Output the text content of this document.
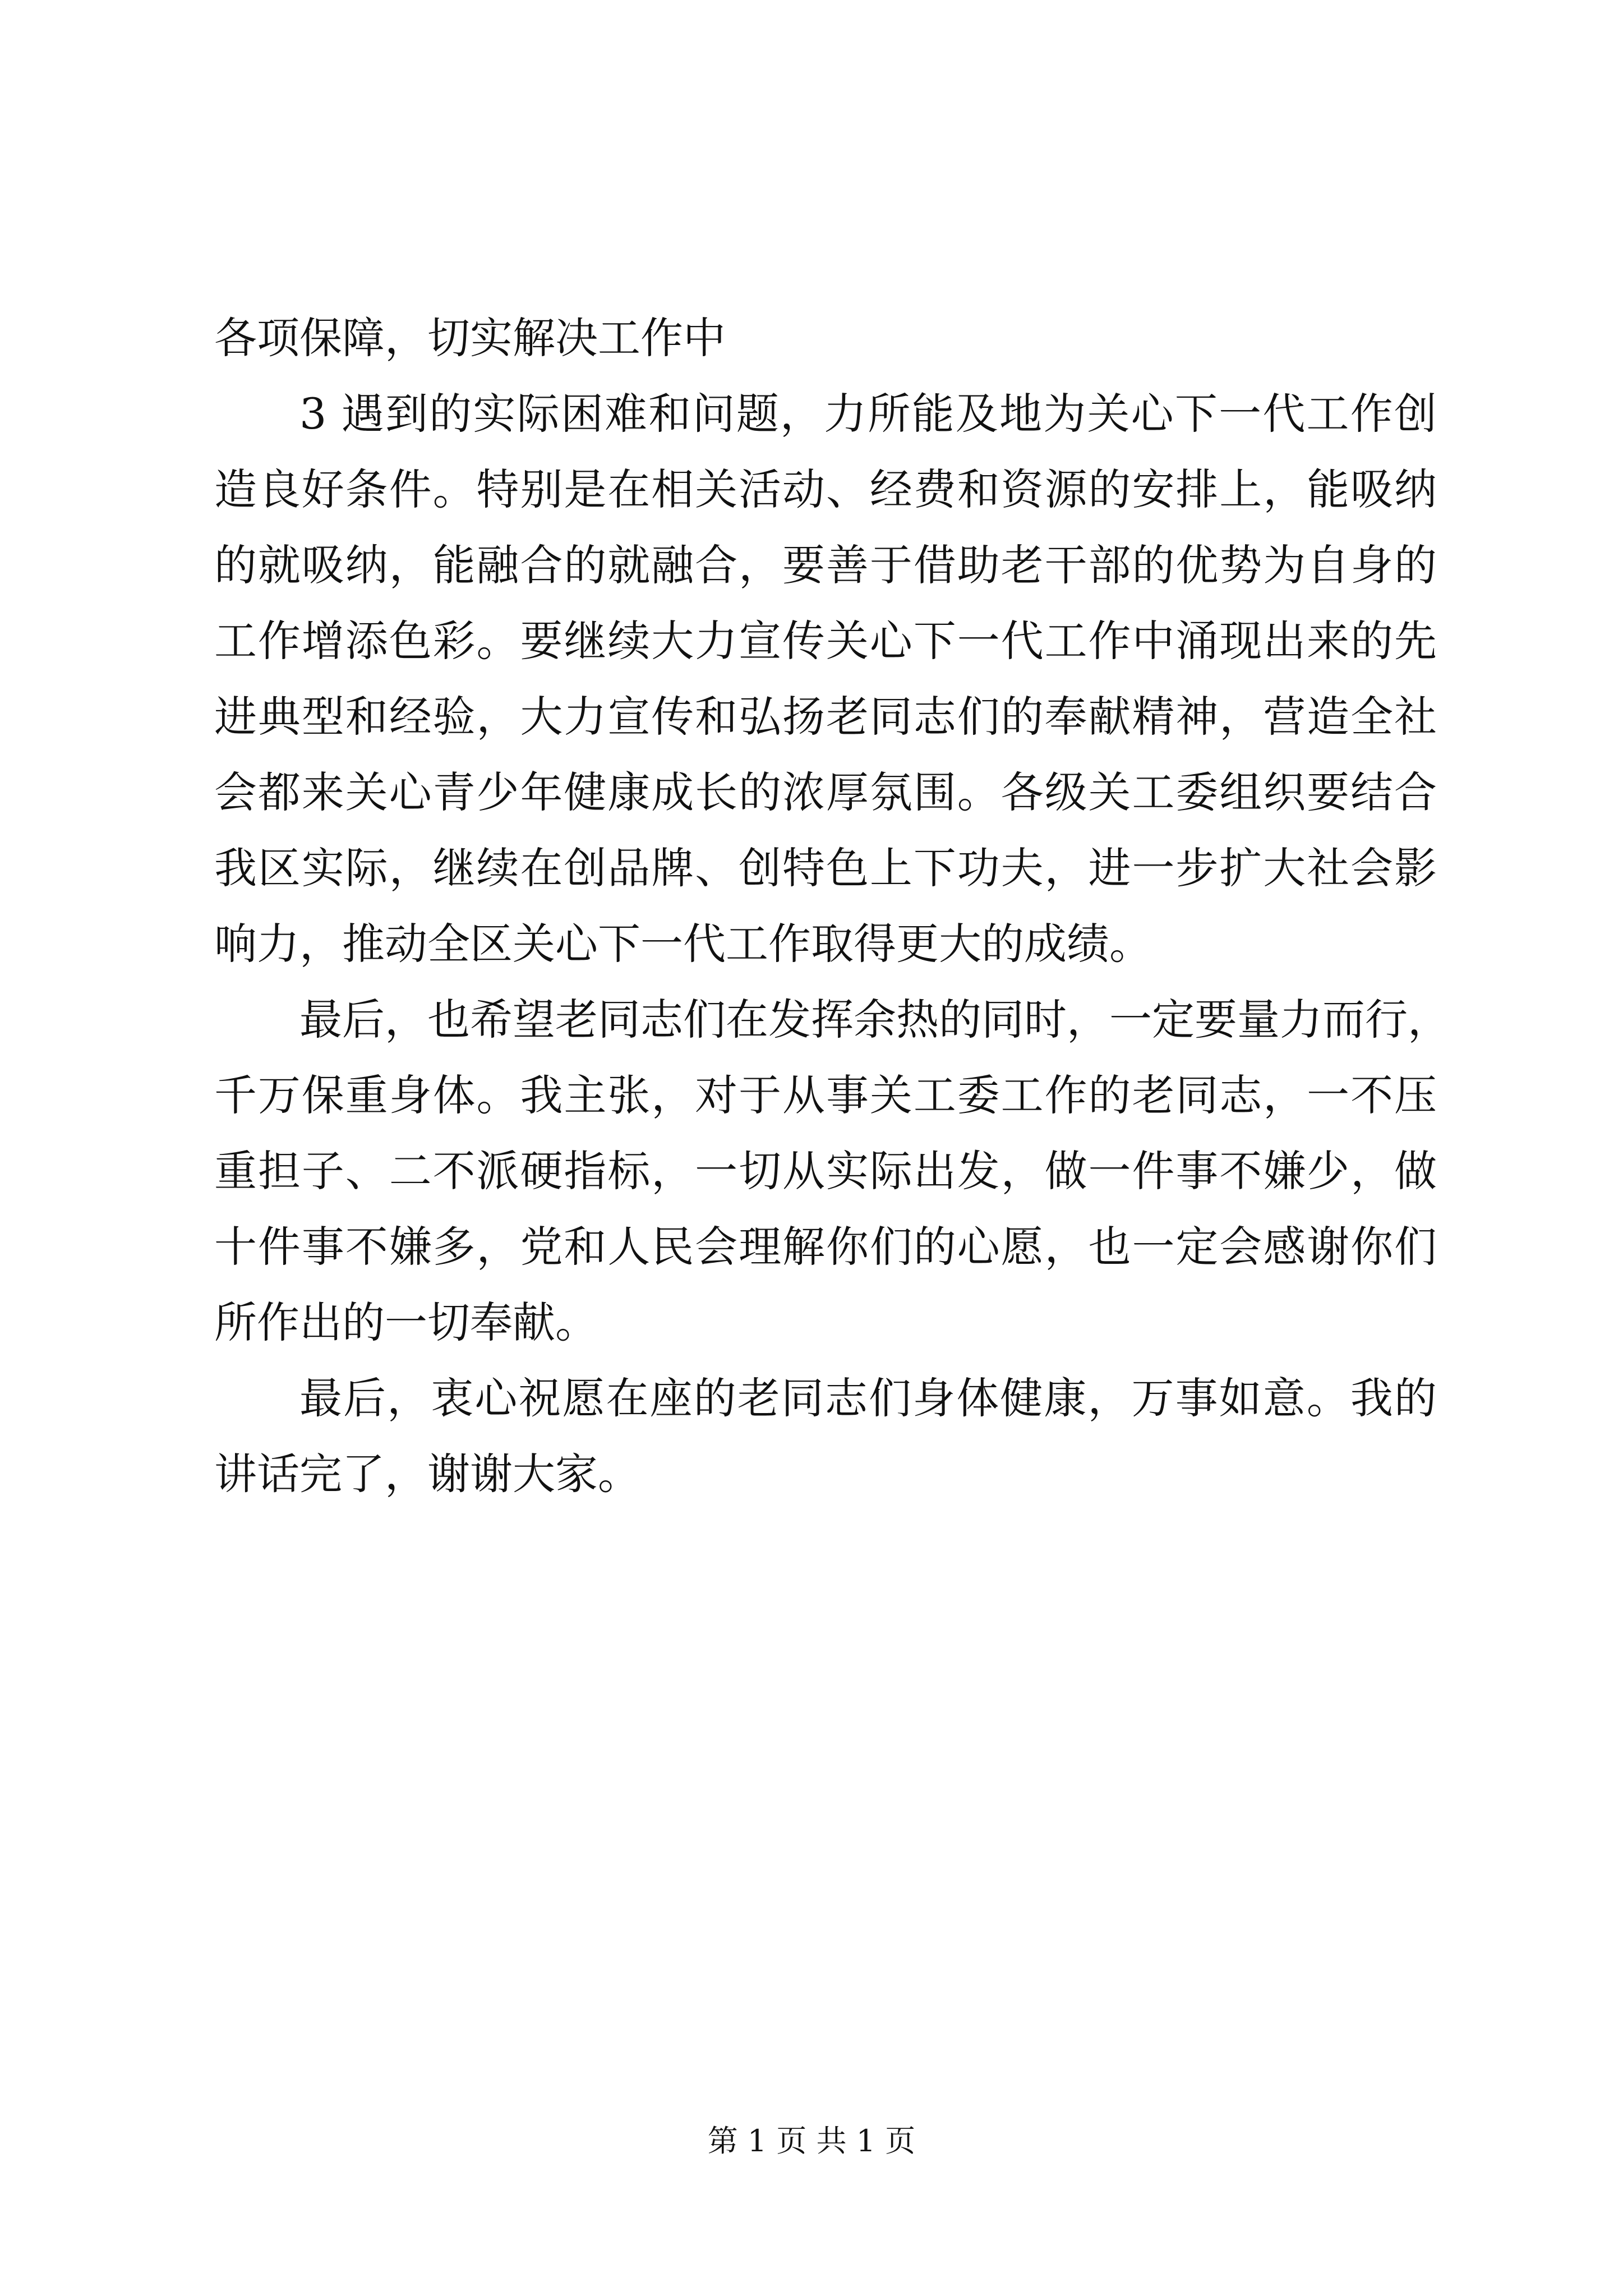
各项保障，切实解决工作中
3 遇到的实际困难和问题，力所能及地为关心下一代工作创
造良好条件。特别是在相关活动、经费和资源的安排上，能吸纳
的就吸纳，能融合的就融合，要善于借助老干部的优势为自身的
工作增添色彩。要继续大力宣传关心下一代工作中涌现出来的先
进典型和经验，大力宣传和弘扬老同志们的奉献精神，营造全社
会都来关心青少年健康成长的浓厚氛围。各级关工委组织要结合
我区实际，继续在创品牌、创特色上下功夫，进一步扩大社会影
响力，推动全区关心下一代工作取得更大的成绩。
最后，也希望老同志们在发挥余热的同时，一定要量力而行，
千万保重身体。我主张，对于从事关工委工作的老同志，一不压
重担子、二不派硬指标，一切从实际出发，做一件事不嫌少，做
十件事不嫌多，党和人民会理解你们的心愿，也一定会感谢你们
所作出的一切奉献。
最后，衷心祝愿在座的老同志们身体健康，万事如意。我的
讲话完了，谢谢大家。
第 1 页 共 1 页
